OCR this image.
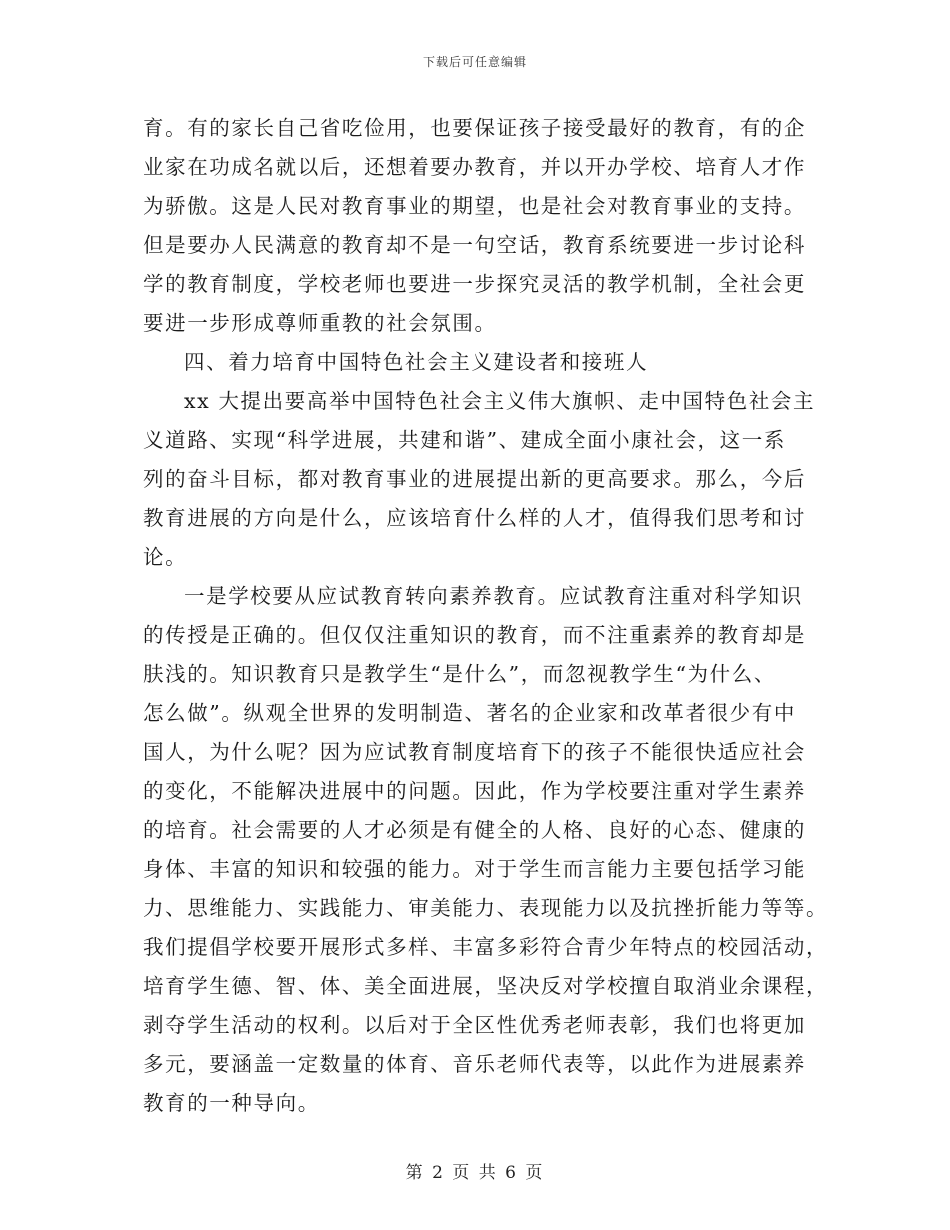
下载后可任意编辑
育。有的家长自己省吃俭用，也要保证孩子接受最好的教育，有的企
业家在功成名就以后，还想着要办教育，并以开办学校、培育人才作
为骄傲。这是人民对教育事业的期望，也是社会对教育事业的支持。
但是要办人民满意的教育却不是一句空话，教育系统要进一步讨论科
学的教育制度，学校老师也要进一步探究灵活的教学机制，全社会更
要进一步形成尊师重教的社会氛围。
四、着力培育中国特色社会主义建设者和接班人
xx 大提出要高举中国特色社会主义伟大旗帜、走中国特色社会主
义道路、实现“科学进展，共建和谐”、建成全面小康社会，这一系
列的奋斗目标，都对教育事业的进展提出新的更高要求。那么，今后
教育进展的方向是什么，应该培育什么样的人才，值得我们思考和讨
论。
一是学校要从应试教育转向素养教育。应试教育注重对科学知识
的传授是正确的。但仅仅注重知识的教育，而不注重素养的教育却是
肤浅的。知识教育只是教学生“是什么”，而忽视教学生“为什么、
怎么做”。纵观全世界的发明制造、著名的企业家和改革者很少有中
国人，为什么呢？因为应试教育制度培育下的孩子不能很快适应社会
的变化，不能解决进展中的问题。因此，作为学校要注重对学生素养
的培育。社会需要的人才必须是有健全的人格、良好的心态、健康的
身体、丰富的知识和较强的能力。对于学生而言能力主要包括学习能
力、思维能力、实践能力、审美能力、表现能力以及抗挫折能力等等。
我们提倡学校要开展形式多样、丰富多彩符合青少年特点的校园活动，
培育学生德、智、体、美全面进展，坚决反对学校擅自取消业余课程，
剥夺学生活动的权利。以后对于全区性优秀老师表彰，我们也将更加
多元，要涵盖一定数量的体育、音乐老师代表等，以此作为进展素养
教育的一种导向。
第 2 页 共 6 页
